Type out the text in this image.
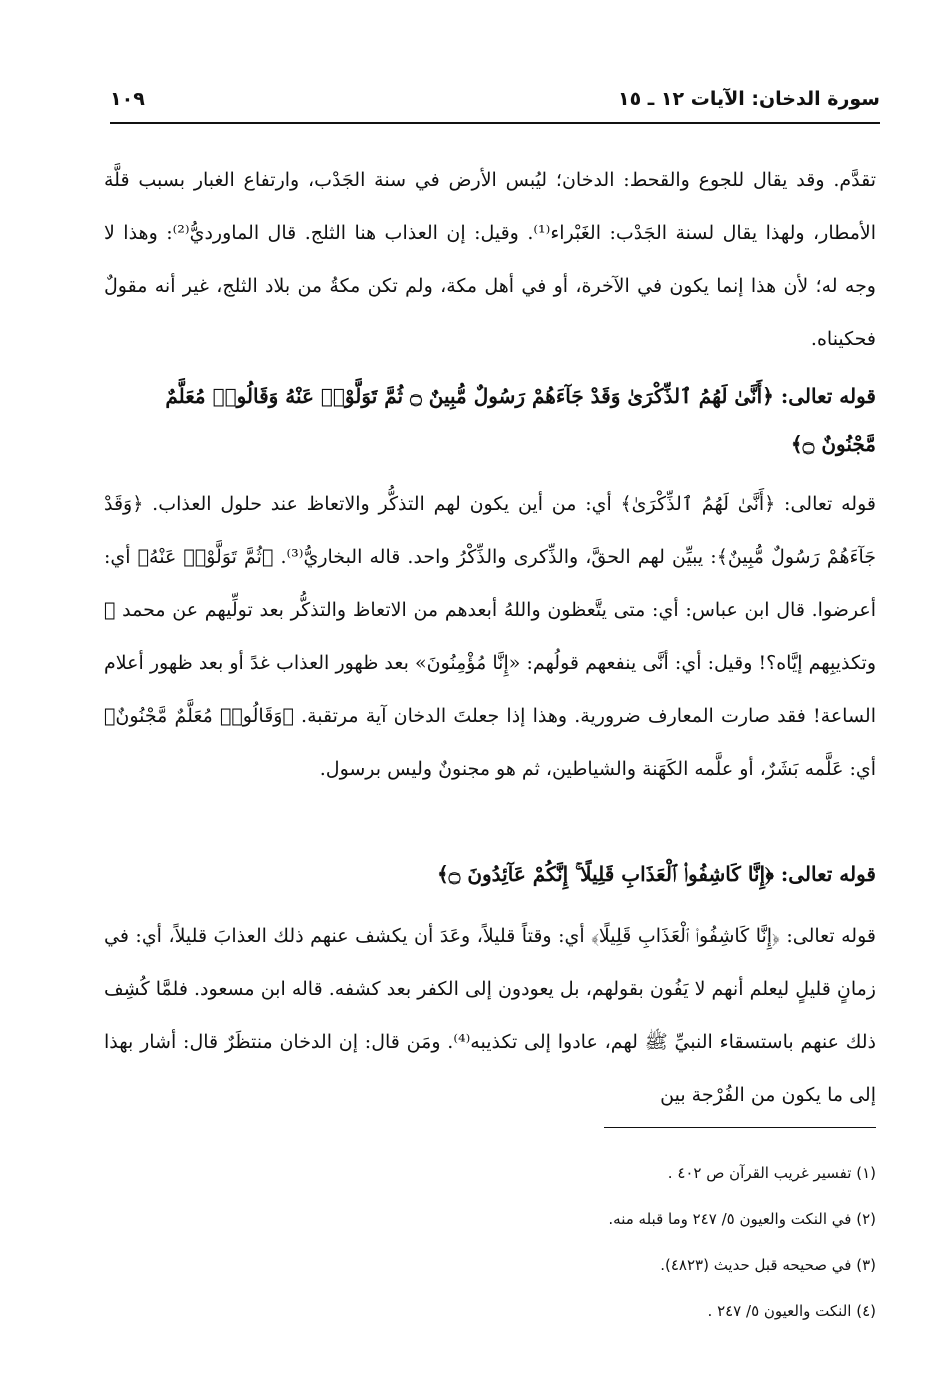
سورة الدخان: الآيات ١٢ ـ ١٥
١٠٩
تقدَّم. وقد يقال للجوع والقحط: الدخان؛ ليُبس الأرض في سنة الجَدْب، وارتفاع الغبار بسبب قلَّة الأمطار، ولهذا يقال لسنة الجَدْب: الغَبْراء⁽¹⁾. وقيل: إن العذاب هنا الثلج. قال الماورديُّ⁽²⁾: وهذا لا وجه له؛ لأن هذا إنما يكون في الآخرة، أو في أهل مكة، ولم تكن مكةُ من بلاد الثلج، غير أنه مقولٌ فحكيناه.
قوله تعالى: ﴿أَنَّىٰ لَهُمُ ٱلذِّكْرَىٰ وَقَدْ جَآءَهُمْ رَسُولٌ مُّبِينٌ ۝ ثُمَّ تَوَلَّوْا۟ عَنْهُ وَقَالُوا۟ مُعَلَّمٌ مَّجْنُونٌ ۝﴾
قوله تعالى: ﴿أَنَّىٰ لَهُمُ ٱلذِّكْرَىٰ﴾ أي: من أين يكون لهم التذكُّر والاتعاظ عند حلول العذاب. ﴿وَقَدْ جَآءَهُمْ رَسُولٌ مُّبِينٌ﴾: يبيِّن لهم الحقَّ، والذِّكرى والذِّكْرُ واحد. قاله البخاريُّ⁽³⁾. ﴿ثُمَّ تَوَلَّوْا۟ عَنْهُ﴾ أي: أعرضوا. قال ابن عباس: أي: متى يتَّعظون واللهُ أبعدهم من الاتعاظ والتذكُّر بعد تولِّيهم عن محمد ﷺ وتكذيبِهم إيَّاه؟! وقيل: أي: أنَّى ينفعهم قولُهم: «إِنَّا مُؤْمِنُونَ» بعد ظهور العذاب غدً أو بعد ظهور أعلام الساعة! فقد صارت المعارف ضرورية. وهذا إذا جعلتَ الدخان آية مرتقبة. ﴿وَقَالُوا۟ مُعَلَّمٌ مَّجْنُونٌ﴾ أي: عَلَّمه بَشَرٌ، أو علَّمه الكَهَنة والشياطين، ثم هو مجنونٌ وليس برسول.
قوله تعالى: ﴿إِنَّا كَاشِفُوا۟ ٱلْعَذَابِ قَلِيلًا ۚ إِنَّكُمْ عَآئِدُونَ ۝﴾
قوله تعالى: ﴿إِنَّا كَاشِفُوا۟ ٱلْعَذَابِ قَلِيلًا﴾ أي: وقتاً قليلاً، وعَدَ أن يكشف عنهم ذلك العذابَ قليلاً، أي: في زمانٍ قليلٍ ليعلم أنهم لا يَفُون بقولهم، بل يعودون إلى الكفر بعد كشفه. قاله ابن مسعود. فلمَّا كُشِف ذلك عنهم باستسقاء النبيِّ ﷺ لهم، عادوا إلى تكذيبه⁽⁴⁾. ومَن قال: إن الدخان منتظَرٌ قال: أشار بهذا إلى ما يكون من الفُرْجة بين
(١) تفسير غريب القرآن ص ٤٠٢ .
(٢) في النكت والعيون ٥/ ٢٤٧ وما قبله منه.
(٣) في صحيحه قبل حديث (٤٨٢٣).
(٤) النكت والعيون ٥/ ٢٤٧ .
